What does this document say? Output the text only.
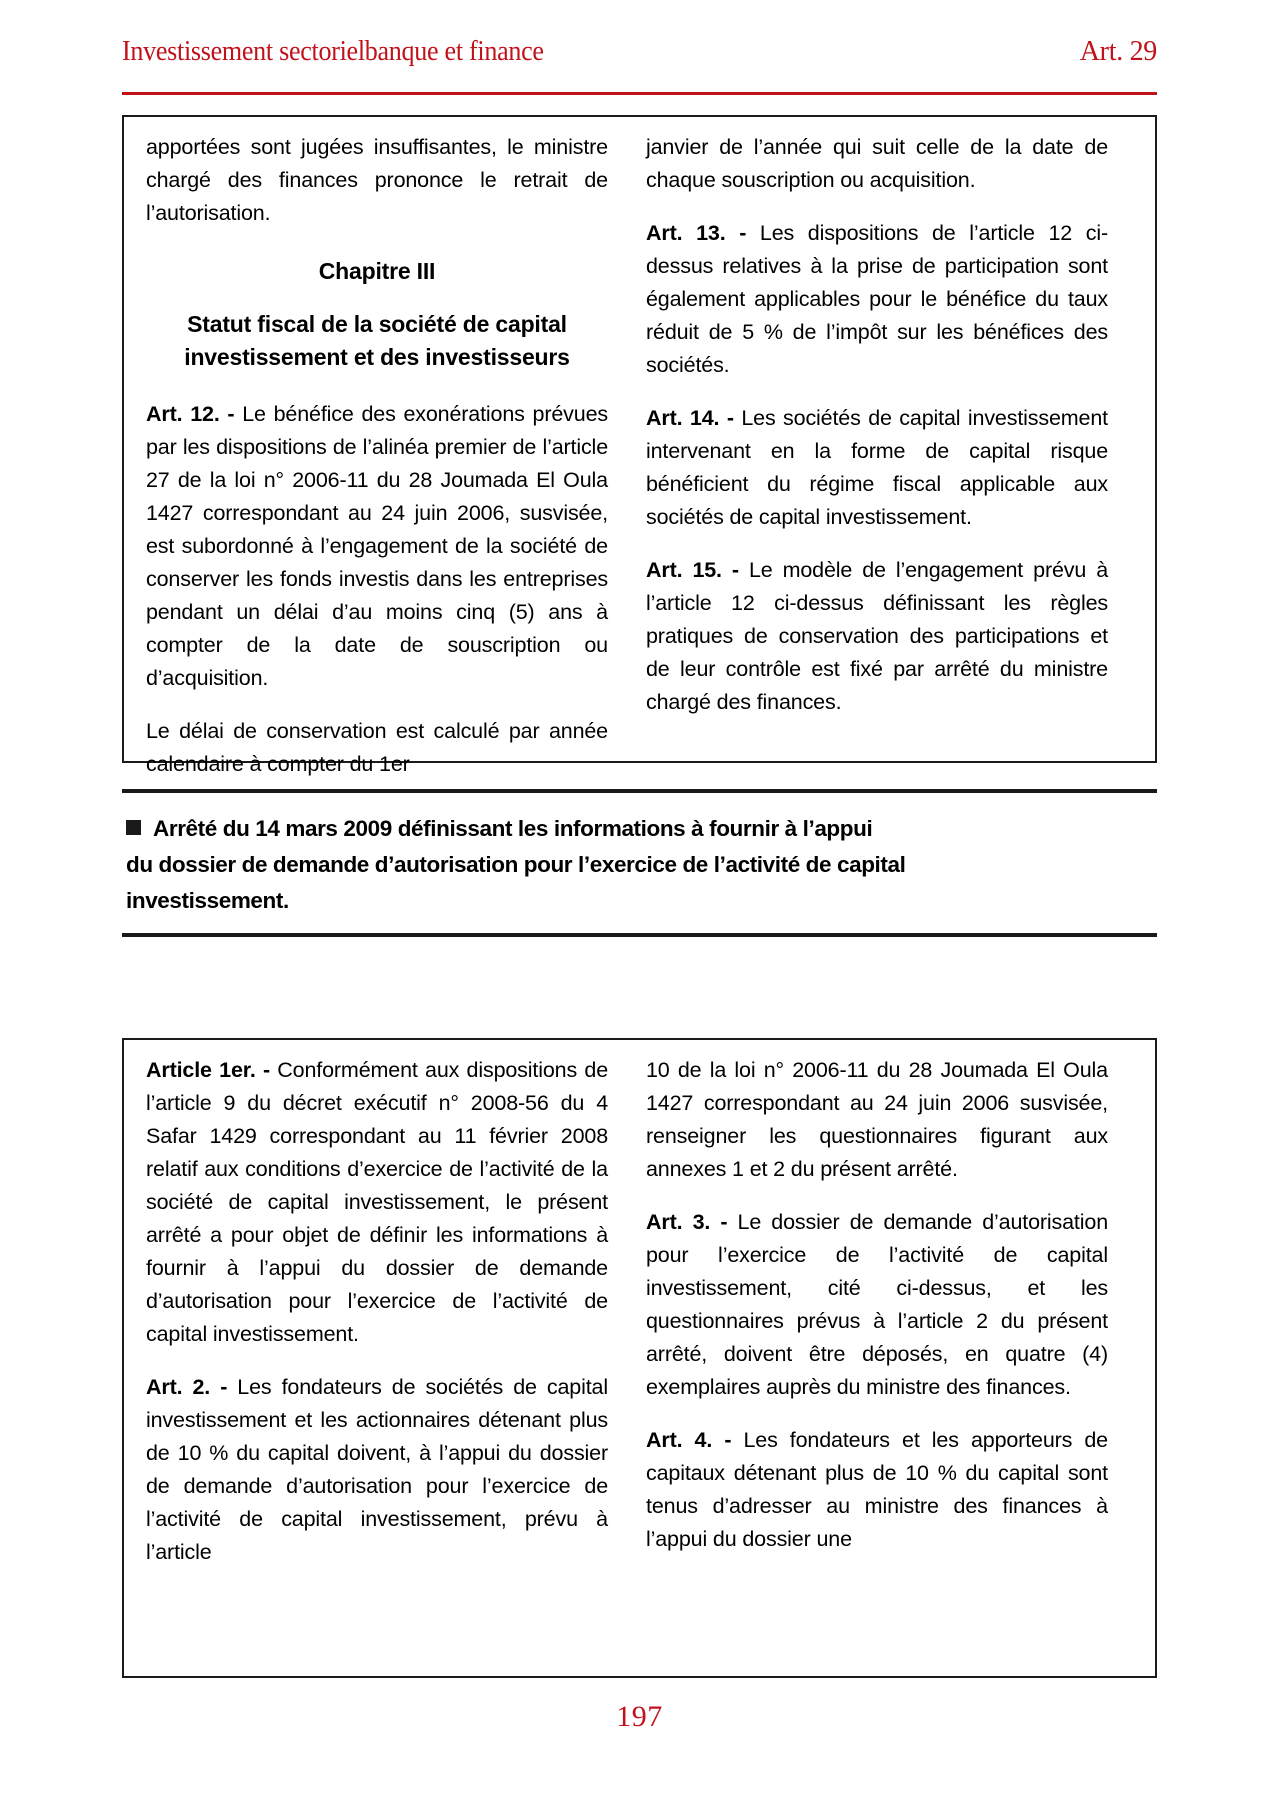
Investissement sectorielbanque et finance	Art. 29

apportées sont jugées insuffisantes, le ministre chargé des finances prononce le retrait de l’autorisation.

Chapitre III
Statut fiscal de la société de capital investissement et des investisseurs

Art. 12. - Le bénéfice des exonérations prévues par les dispositions de l’alinéa premier de l’article 27 de la loi n° 2006-11 du 28 Joumada El Oula 1427 correspondant au 24 juin 2006, susvisée, est subordonné à l’engagement de la société de conserver les fonds investis dans les entreprises pendant un délai d’au moins cinq (5) ans à compter de la date de souscription ou d’acquisition.

Le délai de conservation est calculé par année calendaire à compter du 1er

janvier de l’année qui suit celle de la date de chaque souscription ou acquisition.

Art. 13. - Les dispositions de l’article 12 ci-dessus relatives à la prise de participation sont également applicables pour le bénéfice du taux réduit de 5 % de l’impôt sur les bénéfices des sociétés.

Art. 14. - Les sociétés de capital investissement intervenant en la forme de capital risque bénéficient du régime fiscal applicable aux sociétés de capital investissement.

Art. 15. - Le modèle de l’engagement prévu à l’article 12 ci-dessus définissant les règles pratiques de conservation des participations et de leur contrôle est fixé par arrêté du ministre chargé des finances.

Arrêté du 14 mars 2009 définissant les informations à fournir à l’appui
du dossier de demande d’autorisation pour l’exercice de l’activité de capital
investissement.

Article 1er. - Conformément aux dispositions de l’article 9 du décret exécutif n° 2008-56 du 4 Safar 1429 correspondant au 11 février 2008 relatif aux conditions d’exercice de l’activité de la société de capital investissement, le présent arrêté a pour objet de définir les informations à fournir à l’appui du dossier de demande d’autorisation pour l’exercice de l’activité de capital investissement.

Art. 2. - Les fondateurs de sociétés de capital investissement et les actionnaires détenant plus de 10 % du capital doivent, à l’appui du dossier de demande d’autorisation pour l’exercice de l’activité de capital investissement, prévu à l’article

10 de la loi n° 2006-11 du 28 Joumada El Oula 1427 correspondant au 24 juin 2006 susvisée, renseigner les questionnaires figurant aux annexes 1 et 2 du présent arrêté.

Art. 3. - Le dossier de demande d’autorisation pour l’exercice de l’activité de capital investissement, cité ci-dessus, et les questionnaires prévus à l’article 2 du présent arrêté, doivent être déposés, en quatre (4) exemplaires auprès du ministre des finances.

Art. 4. - Les fondateurs et les apporteurs de capitaux détenant plus de 10 % du capital sont tenus d’adresser au ministre des finances à l’appui du dossier une

197
